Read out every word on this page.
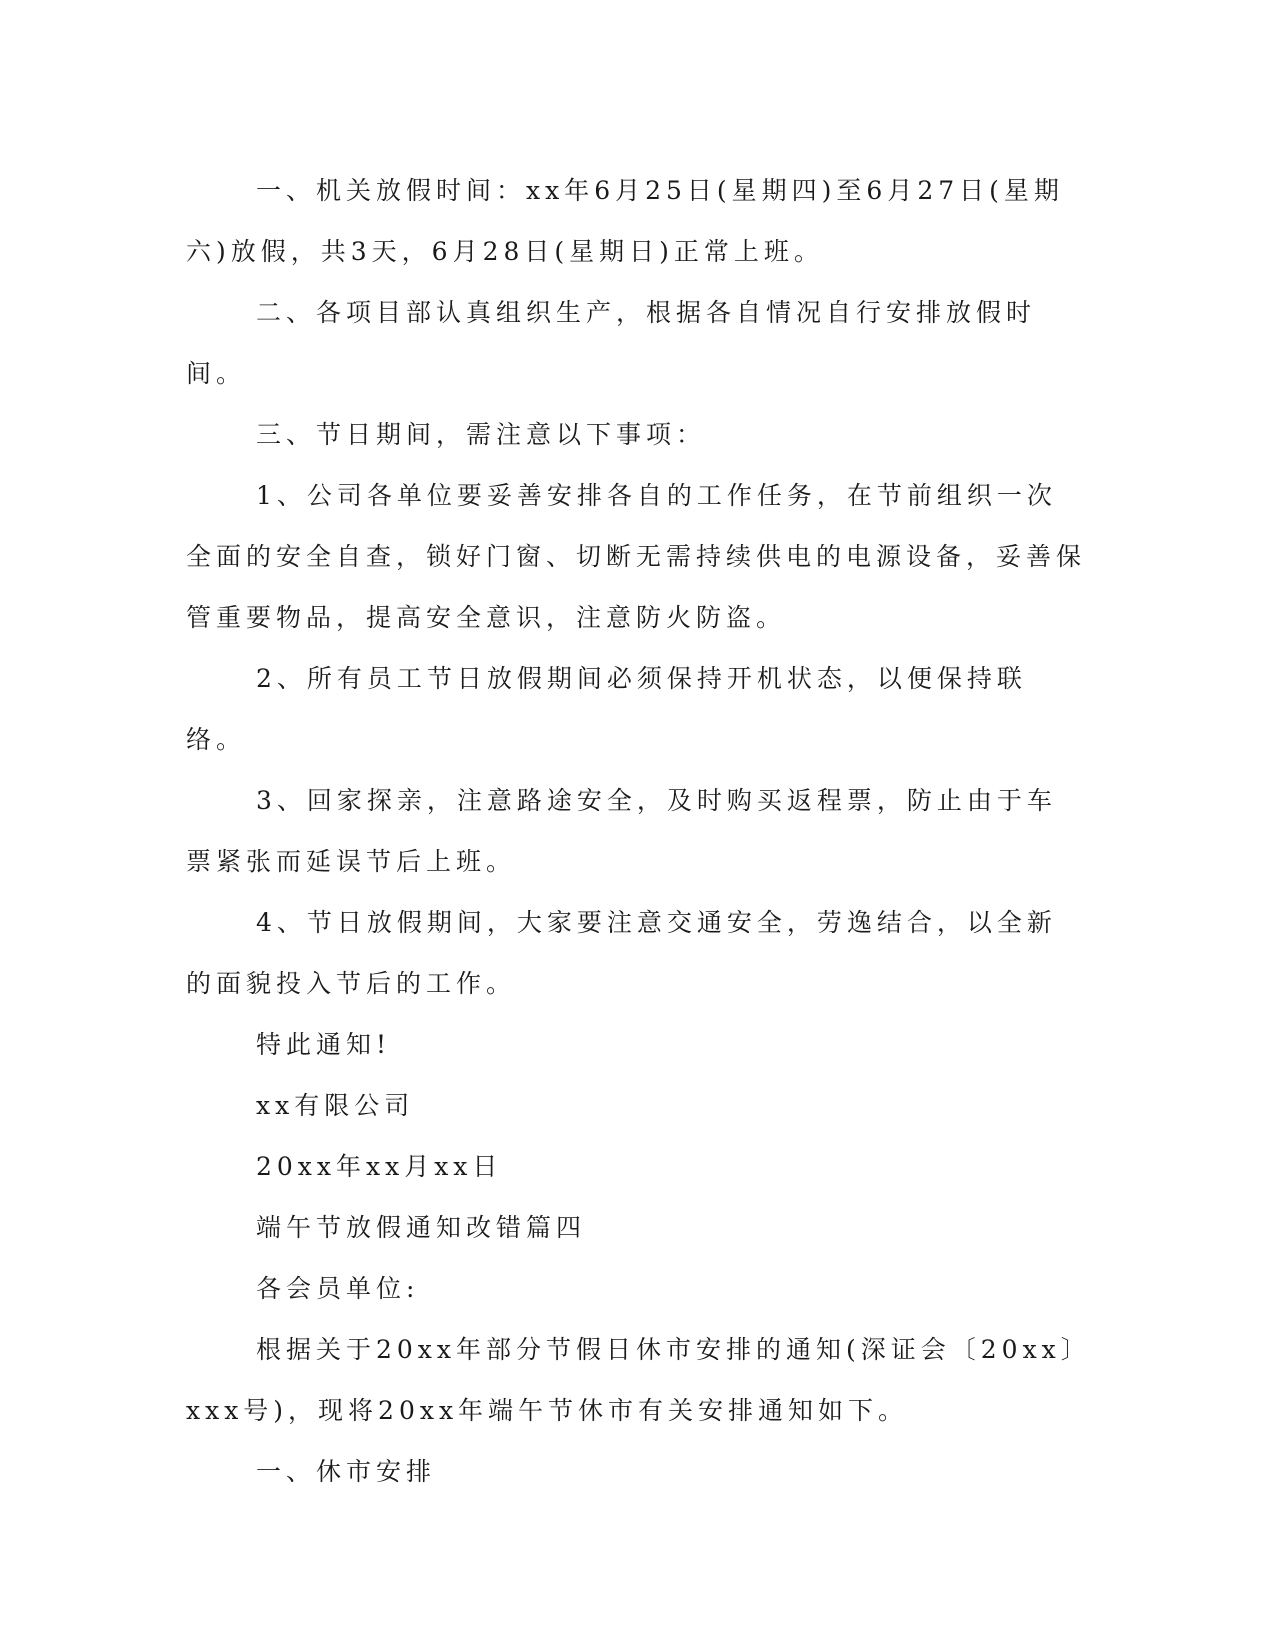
一、机关放假时间：xx年6月25日(星期四)至6月27日(星期六)放假，共3天，6月28日(星期日)正常上班。

二、各项目部认真组织生产，根据各自情况自行安排放假时间。

三、节日期间，需注意以下事项：

1、公司各单位要妥善安排各自的工作任务，在节前组织一次全面的安全自查，锁好门窗、切断无需持续供电的电源设备，妥善保管重要物品，提高安全意识，注意防火防盗。

2、所有员工节日放假期间必须保持开机状态，以便保持联络。

3、回家探亲，注意路途安全，及时购买返程票，防止由于车票紧张而延误节后上班。

4、节日放假期间，大家要注意交通安全，劳逸结合，以全新的面貌投入节后的工作。

特此通知!

xx有限公司

20xx年xx月xx日

端午节放假通知改错篇四

各会员单位:

根据关于20xx年部分节假日休市安排的通知(深证会〔20xx〕xxx号)，现将20xx年端午节休市有关安排通知如下。

一、休市安排
